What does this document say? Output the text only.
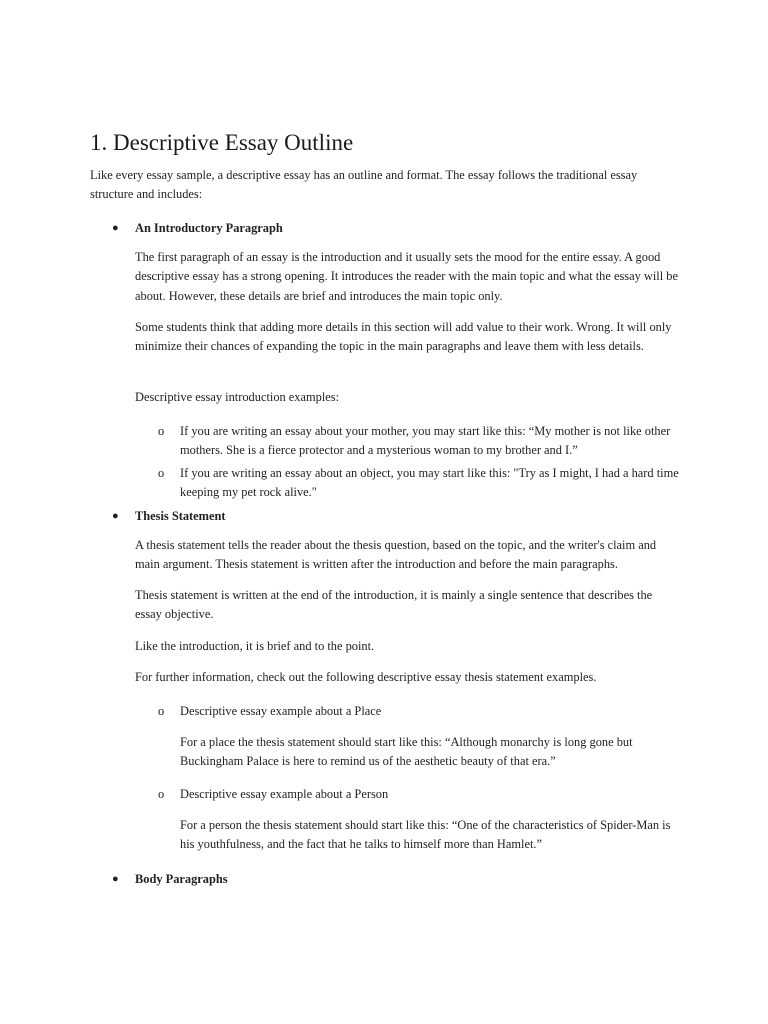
1. Descriptive Essay Outline

Like every essay sample, a descriptive essay has an outline and format. The essay follows the traditional essay structure and includes:

● An Introductory Paragraph

The first paragraph of an essay is the introduction and it usually sets the mood for the entire essay. A good descriptive essay has a strong opening. It introduces the reader with the main topic and what the essay will be about. However, these details are brief and introduces the main topic only.

Some students think that adding more details in this section will add value to their work. Wrong. It will only minimize their chances of expanding the topic in the main paragraphs and leave them with less details.

Descriptive essay introduction examples:

o If you are writing an essay about your mother, you may start like this: “My mother is not like other mothers. She is a fierce protector and a mysterious woman to my brother and I.”

o If you are writing an essay about an object, you may start like this: "Try as I might, I had a hard time keeping my pet rock alive."

● Thesis Statement

A thesis statement tells the reader about the thesis question, based on the topic, and the writer's claim and main argument. Thesis statement is written after the introduction and before the main paragraphs.

Thesis statement is written at the end of the introduction, it is mainly a single sentence that describes the essay objective.

Like the introduction, it is brief and to the point.

For further information, check out the following descriptive essay thesis statement examples.

o Descriptive essay example about a Place

For a place the thesis statement should start like this: “Although monarchy is long gone but Buckingham Palace is here to remind us of the aesthetic beauty of that era.”

o Descriptive essay example about a Person

For a person the thesis statement should start like this: “One of the characteristics of Spider-Man is his youthfulness, and the fact that he talks to himself more than Hamlet.”

● Body Paragraphs
